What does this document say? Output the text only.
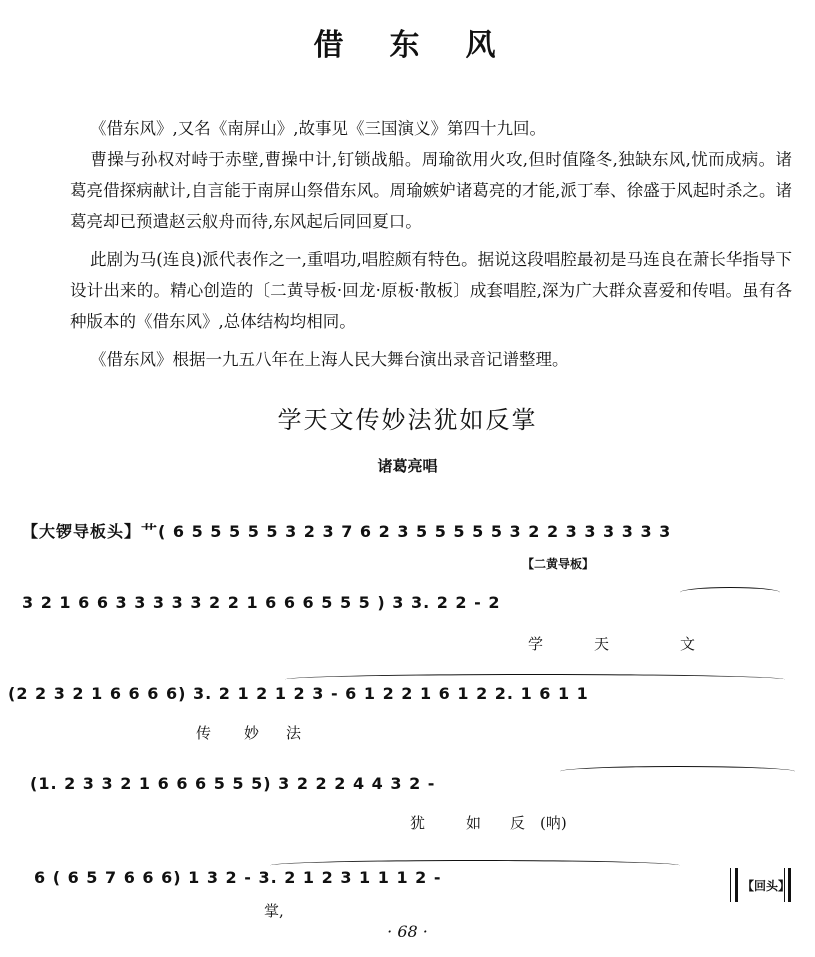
借东风
《借东风》,又名《南屏山》,故事见《三国演义》第四十九回。
曹操与孙权对峙于赤壁,曹操中计,钉锁战船。周瑜欲用火攻,但时值隆冬,独缺东风,忧而成病。诸葛亮借探病献计,自言能于南屏山祭借东风。周瑜嫉妒诸葛亮的才能,派丁奉、徐盛于风起时杀之。诸葛亮却已预遣赵云舣舟而待,东风起后同回夏口。
此剧为马(连良)派代表作之一,重唱功,唱腔颇有特色。据说这段唱腔最初是马连良在萧长华指导下设计出来的。精心创造的〔二黄导板·回龙·原板·散板〕成套唱腔,深为广大群众喜爱和传唱。虽有各种版本的《借东风》,总体结构均相同。
《借东风》根据一九五八年在上海人民大舞台演出录音记谱整理。
学天文传妙法犹如反掌
诸葛亮唱
【大锣导板头】艹( 6 5 5 5 5 5 3 2 3 7 6 2 3 5 5 5 5 5 3 2 2 3 3 3 3 3 3
【二黄导板】
3 2 1 6 6 3 3 3 3 3 2 2 1 6 6 6 5 5 5 ) 3 3. 2 2 - 2
学	天	文
(2 2 3 2 1 6 6 6 6) 3. 2 1 2 1 2 3 - 6 1 2 2 1 6 1 2 2. 1 6 1 1
传 妙 法
(1. 2 3 3 2 1 6 6 6 5 5 5) 3 2 2 2 4 4 3 2 -
犹	如 反 (呐)
6 ( 6 5 7 6 6 6) 1 3 2 - 3. 2 1 2 3 1 1 1 2 -
掌,
【回头】
· 68 ·
